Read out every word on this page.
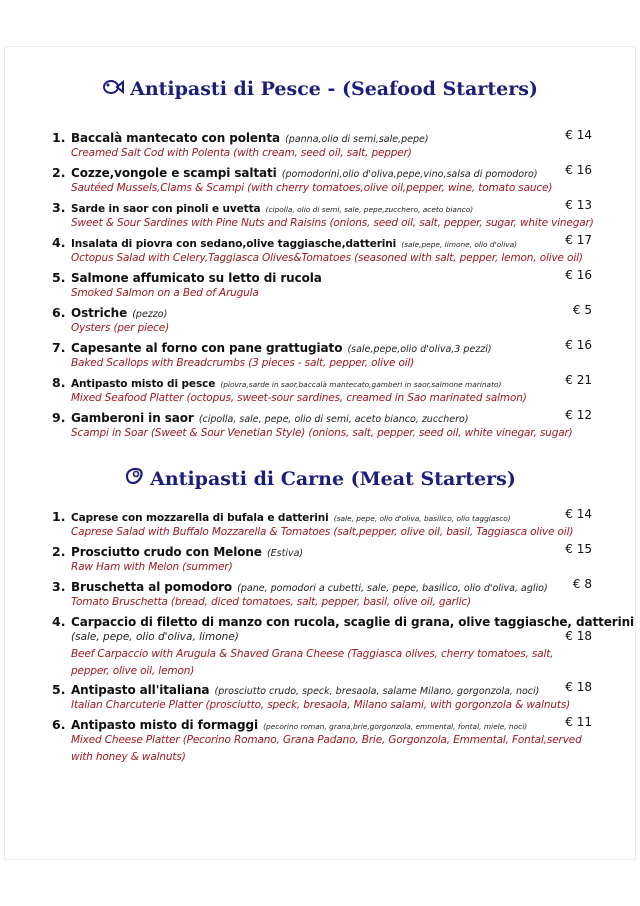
Antipasti di Pesce - (Seafood Starters)
1. Baccalà mantecato con polenta (panna,olio di semi,sale,pepe)	€ 14
Creamed Salt Cod with Polenta (with cream, seed oil, salt, pepper)
2. Cozze,vongole e scampi saltati (pomodorini,olio d'oliva,pepe,vino,salsa di pomodoro)	€ 16
Sautéed Mussels,Clams & Scampi (with cherry tomatoes,olive oil,pepper, wine, tomato sauce)
3. Sarde in saor con pinoli e uvetta (cipolla, olio di semi, sale, pepe,zucchero, aceto bianco)	€ 13
Sweet & Sour Sardines with Pine Nuts and Raisins (onions, seed oil, salt, pepper, sugar, white vinegar)
4. Insalata di piovra con sedano,olive taggiasche,datterini (sale,pepe, limone, olio d'oliva)	€ 17
Octopus Salad with Celery,Taggiasca Olives&Tomatoes (seasoned with salt, pepper, lemon, olive oil)
5. Salmone affumicato su letto di rucola	€ 16
Smoked Salmon on a Bed of Arugula
6. Ostriche (pezzo)	€ 5
Oysters (per piece)
7. Capesante al forno con pane grattugiato (sale,pepe,olio d'oliva,3 pezzi)	€ 16
Baked Scallops with Breadcrumbs (3 pieces - salt, pepper, olive oil)
8. Antipasto misto di pesce (piovra,sarde in saor,baccalà mantecato,gamberi in saor,salmone marinato)	€ 21
Mixed Seafood Platter (octopus, sweet-sour sardines, creamed in Sao marinated salmon)
9. Gamberoni in saor (cipolla, sale, pepe, olio di semi, aceto bianco, zucchero)	€ 12
Scampi in Soar (Sweet & Sour Venetian Style) (onions, salt, pepper, seed oil, white vinegar, sugar)
Antipasti di Carne (Meat Starters)
1. Caprese con mozzarella di bufala e datterini (sale, pepe, olio d'oliva, basilico, olio taggiasco)	€ 14
Caprese Salad with Buffalo Mozzarella & Tomatoes (salt,pepper, olive oil, basil, Taggiasca olive oil)
2. Prosciutto crudo con Melone (Estiva)	€ 15
Raw Ham with Melon (summer)
3. Bruschetta al pomodoro (pane, pomodori a cubetti, sale, pepe, basilico, olio d'oliva, aglio)	€ 8
Tomato Bruschetta (bread, diced tomatoes, salt, pepper, basil, olive oil, garlic)
4. Carpaccio di filetto di manzo con rucola, scaglie di grana, olive taggiasche, datterini
(sale, pepe, olio d'oliva, limone)	€ 18
Beef Carpaccio with Arugula & Shaved Grana Cheese (Taggiasca olives, cherry tomatoes, salt, pepper, olive oil, lemon)
5. Antipasto all'italiana (prosciutto crudo, speck, bresaola, salame Milano, gorgonzola, noci)	€ 18
Italian Charcuterie Platter (prosciutto, speck, bresaola, Milano salami, with gorgonzola & walnuts)
6. Antipasto misto di formaggi (pecorino roman, grana,brie,gorgonzola, emmental, fontal, miele, noci)	€ 11
Mixed Cheese Platter (Pecorino Romano, Grana Padano, Brie, Gorgonzola, Emmental, Fontal,served with honey & walnuts)
